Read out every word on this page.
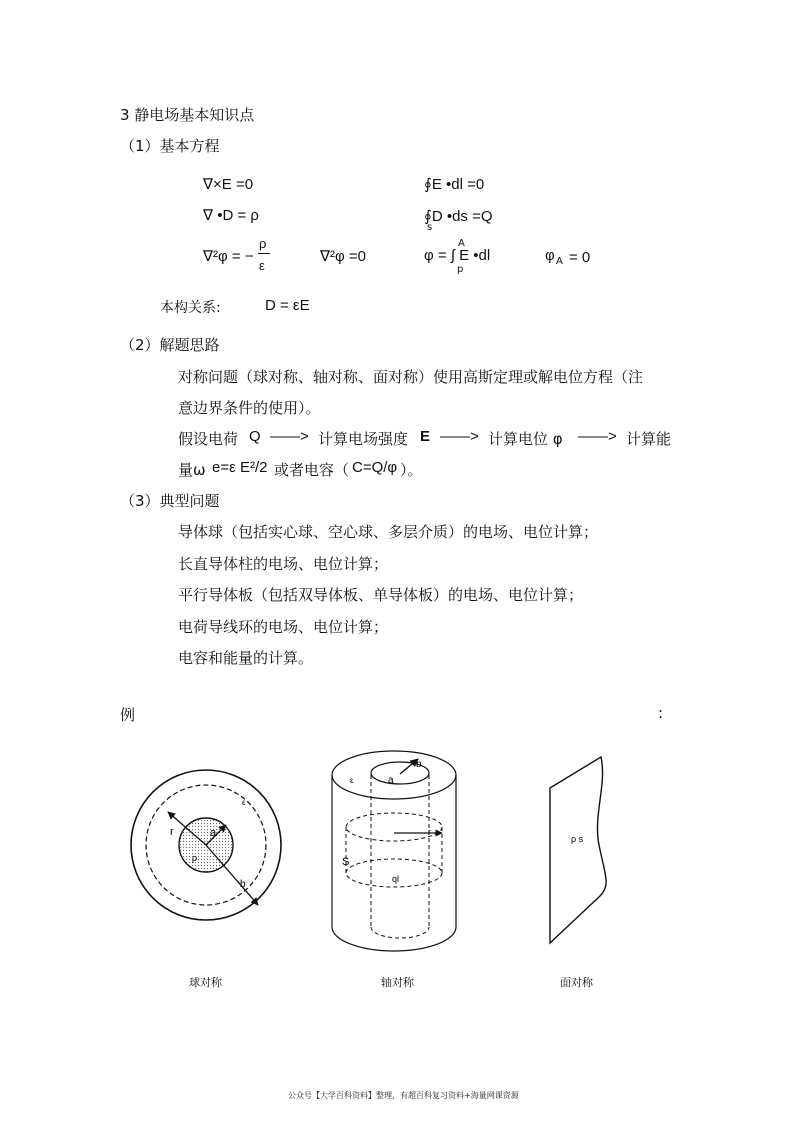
3 静电场基本知识点
（1）基本方程
∇×E =0	∮E •dl =0
∇ •D = ρ	∮D •ds =Q
s
∇²φ = −
ρ
ε
∇²φ =0
A
φ = ∫ E •dl
p
φ A = 0
本构关系:	D = εE
（2）解题思路
对称问题（球对称、轴对称、面对称）使用高斯定理或解电位方程（注
意边界条件的使用）。
假设电荷 Q ——> 计算电场强度 E ——> 计算电位 φ ——> 计算能
量ω e=ε E²/2 或者电容（ C=Q/φ ）。
（3）典型问题
导体球（包括实心球、空心球、多层介质）的电场、电位计算；
长直导体柱的电场、电位计算；
平行导体板（包括双导体板、单导体板）的电场、电位计算；
电荷导线环的电场、电位计算；
电容和能量的计算。
例	:
r	a
ρ
b
ε
球对称
b
a
ε
r
S
ql
轴对称
ρ s
面对称
公众号【大学百科资料】整理，有超百科复习资料+海量网课资源
